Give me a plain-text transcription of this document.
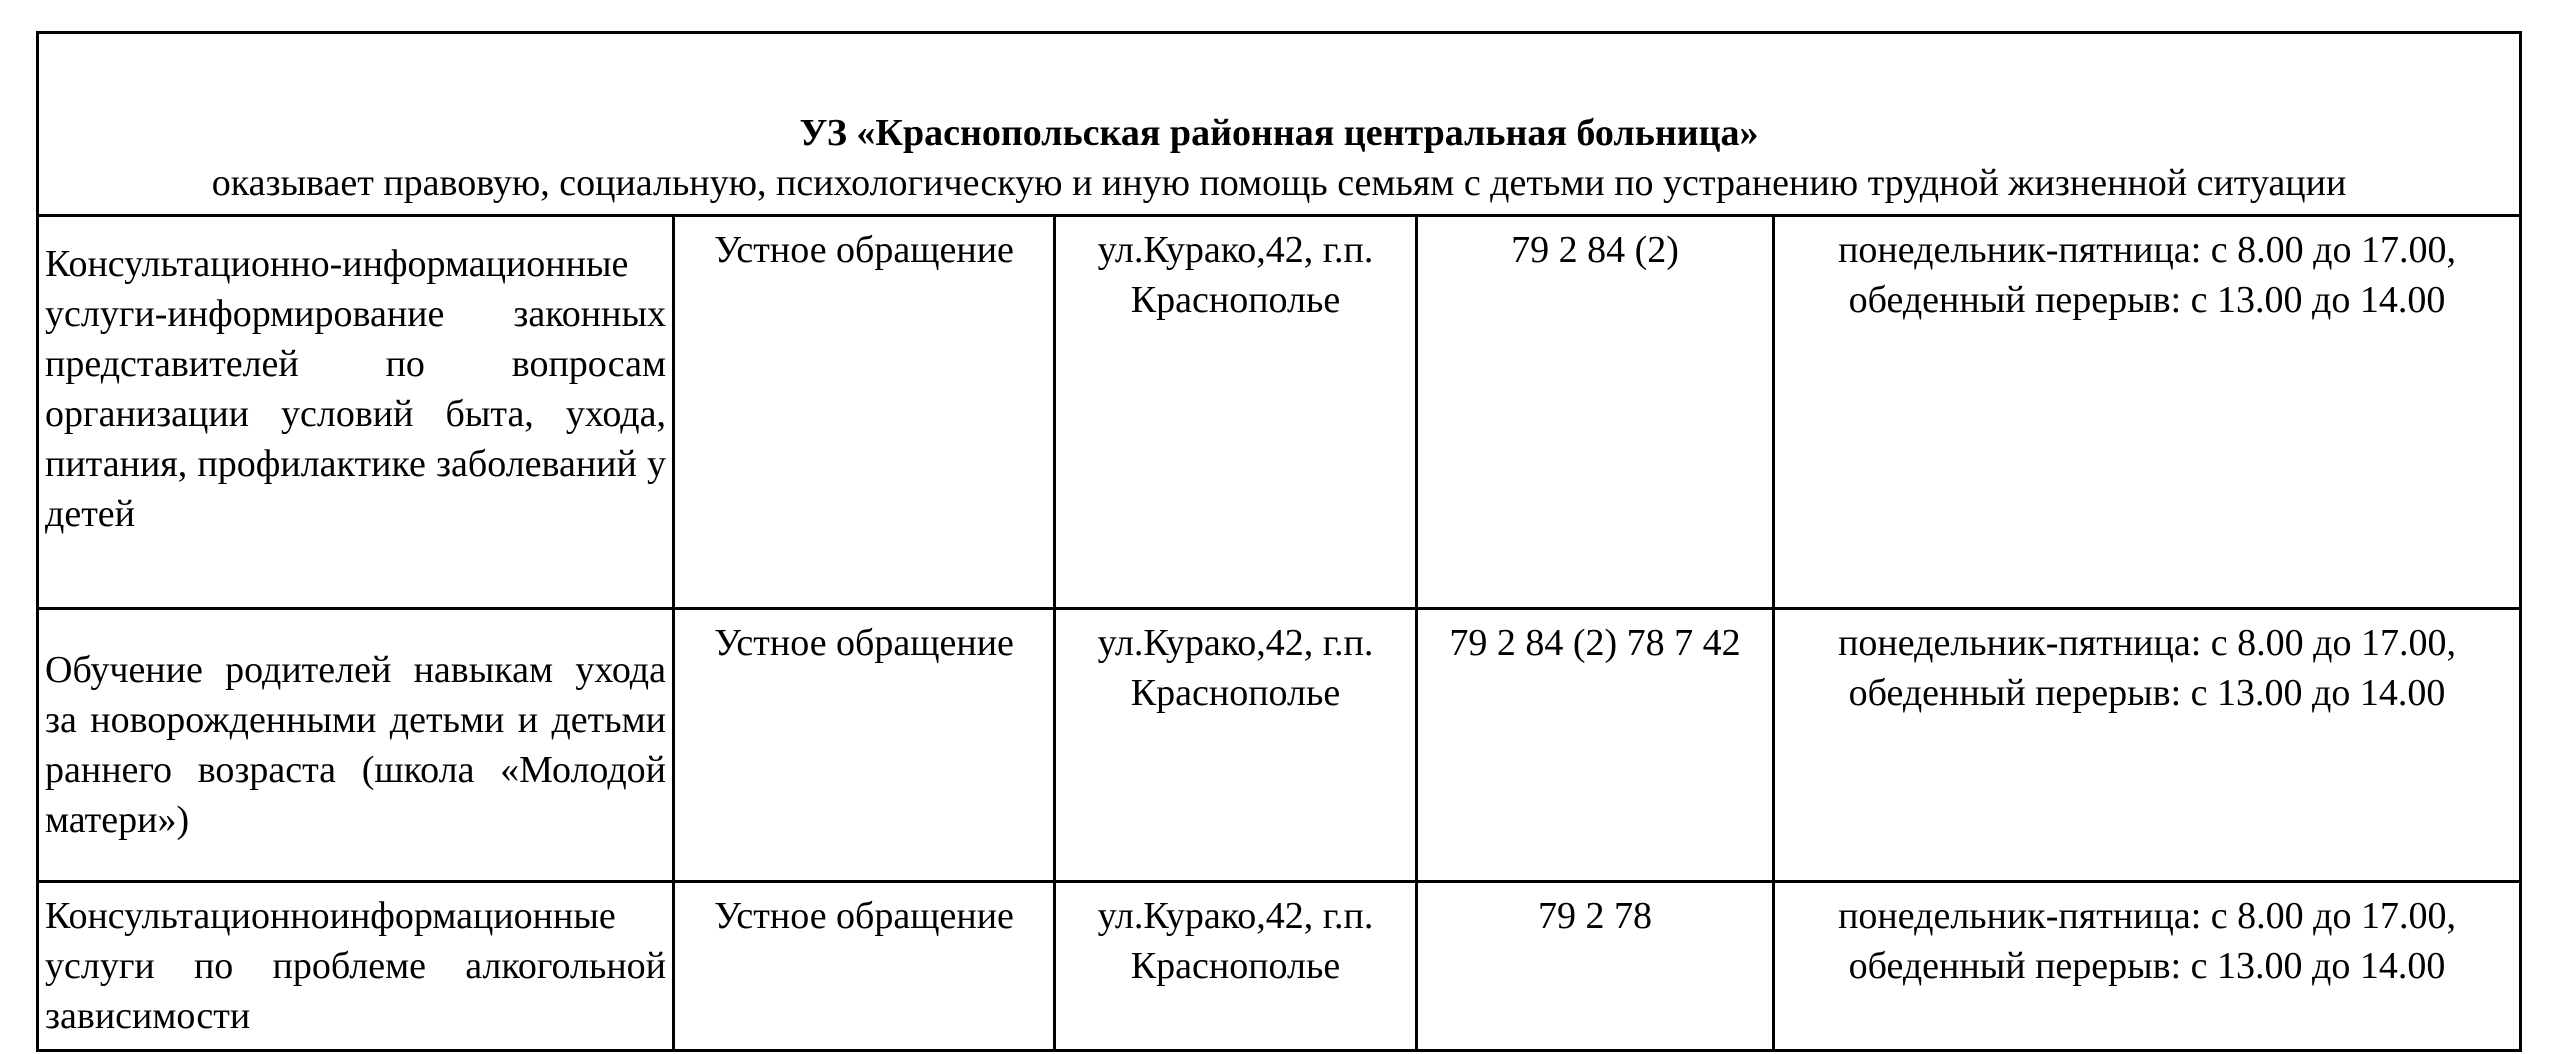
УЗ «Краснопольская районная центральная больница»
оказывает правовую, социальную, психологическую и иную помощь семьям с детьми по устранению трудной жизненной ситуации				

Консультационно-информационные услуги-информирование законных представителей по вопросам организации условий быта, ухода, питания, профилактике заболеваний у детей	Устное обращение	ул.Курако,42, г.п.
Краснополье	79 2 84 (2)	понедельник-пятница: с 8.00 до 17.00,
обеденный перерыв: с 13.00 до 14.00

Обучение родителей навыкам ухода за новорожденными детьми и детьми раннего возраста (школа «Молодой матери»)	Устное обращение	ул.Курако,42, г.п.
Краснополье	79 2 84 (2) 78 7 42	понедельник-пятница: с 8.00 до 17.00,
обеденный перерыв: с 13.00 до 14.00

Консультационноинформационные услуги по проблеме алкогольной зависимости	Устное обращение	ул.Курако,42, г.п.
Краснополье	79 2 78	понедельник-пятница: с 8.00 до 17.00,
обеденный перерыв: с 13.00 до 14.00
